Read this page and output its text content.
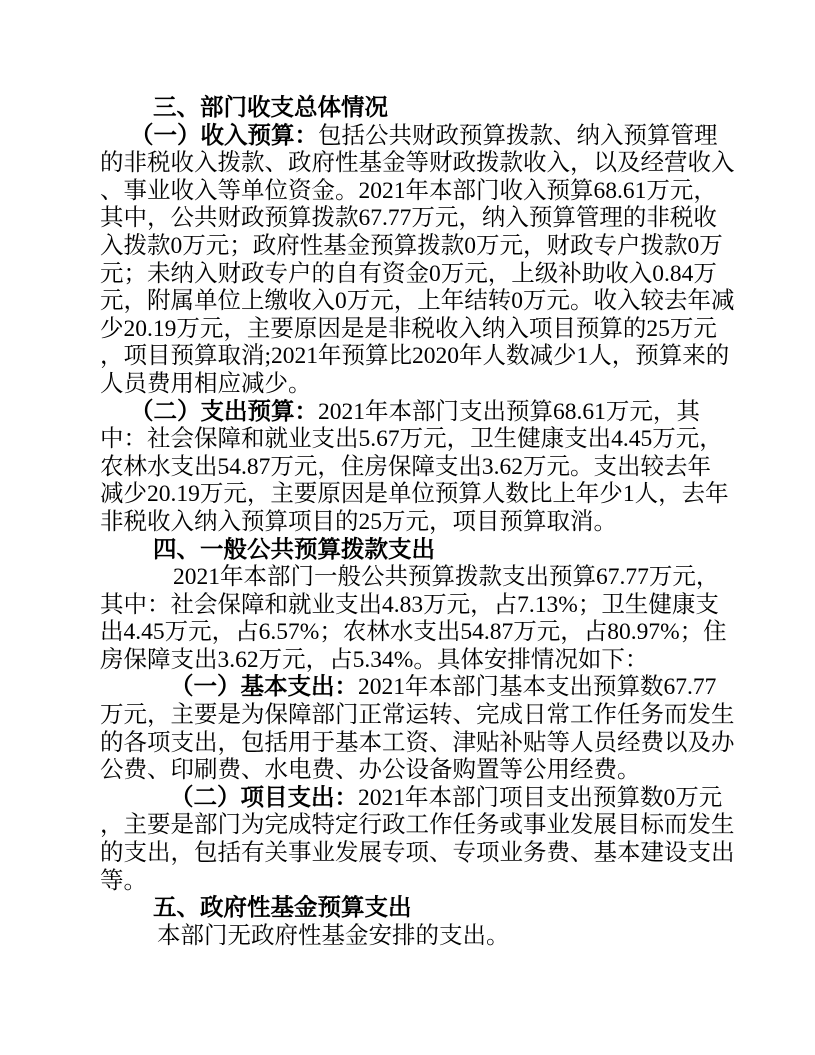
三、部门收支总体情况
（一）收入预算：包括公共财政预算拨款、纳入预算管理
的非税收入拨款、政府性基金等财政拨款收入，以及经营收入
、事业收入等单位资金。2021年本部门收入预算68.61万元，
其中，公共财政预算拨款67.77万元，纳入预算管理的非税收
入拨款0万元；政府性基金预算拨款0万元，财政专户拨款0万
元；未纳入财政专户的自有资金0万元，上级补助收入0.84万
元，附属单位上缴收入0万元，上年结转0万元。收入较去年减
少20.19万元，主要原因是是非税收入纳入项目预算的25万元
，项目预算取消;2021年预算比2020年人数减少1人，预算来的
人员费用相应减少。
（二）支出预算：2021年本部门支出预算68.61万元，其
中：社会保障和就业支出5.67万元，卫生健康支出4.45万元，
农林水支出54.87万元，住房保障支出3.62万元。支出较去年
减少20.19万元，主要原因是单位预算人数比上年少1人，去年
非税收入纳入预算项目的25万元，项目预算取消。
四、一般公共预算拨款支出
2021年本部门一般公共预算拨款支出预算67.77万元，
其中：社会保障和就业支出4.83万元，占7.13%；卫生健康支
出4.45万元，占6.57%；农林水支出54.87万元，占80.97%；住
房保障支出3.62万元，占5.34%。具体安排情况如下：
（一）基本支出：2021年本部门基本支出预算数67.77
万元，主要是为保障部门正常运转、完成日常工作任务而发生
的各项支出，包括用于基本工资、津贴补贴等人员经费以及办
公费、印刷费、水电费、办公设备购置等公用经费。
（二）项目支出：2021年本部门项目支出预算数0万元
，主要是部门为完成特定行政工作任务或事业发展目标而发生
的支出，包括有关事业发展专项、专项业务费、基本建设支出
等。
五、政府性基金预算支出
本部门无政府性基金安排的支出。
